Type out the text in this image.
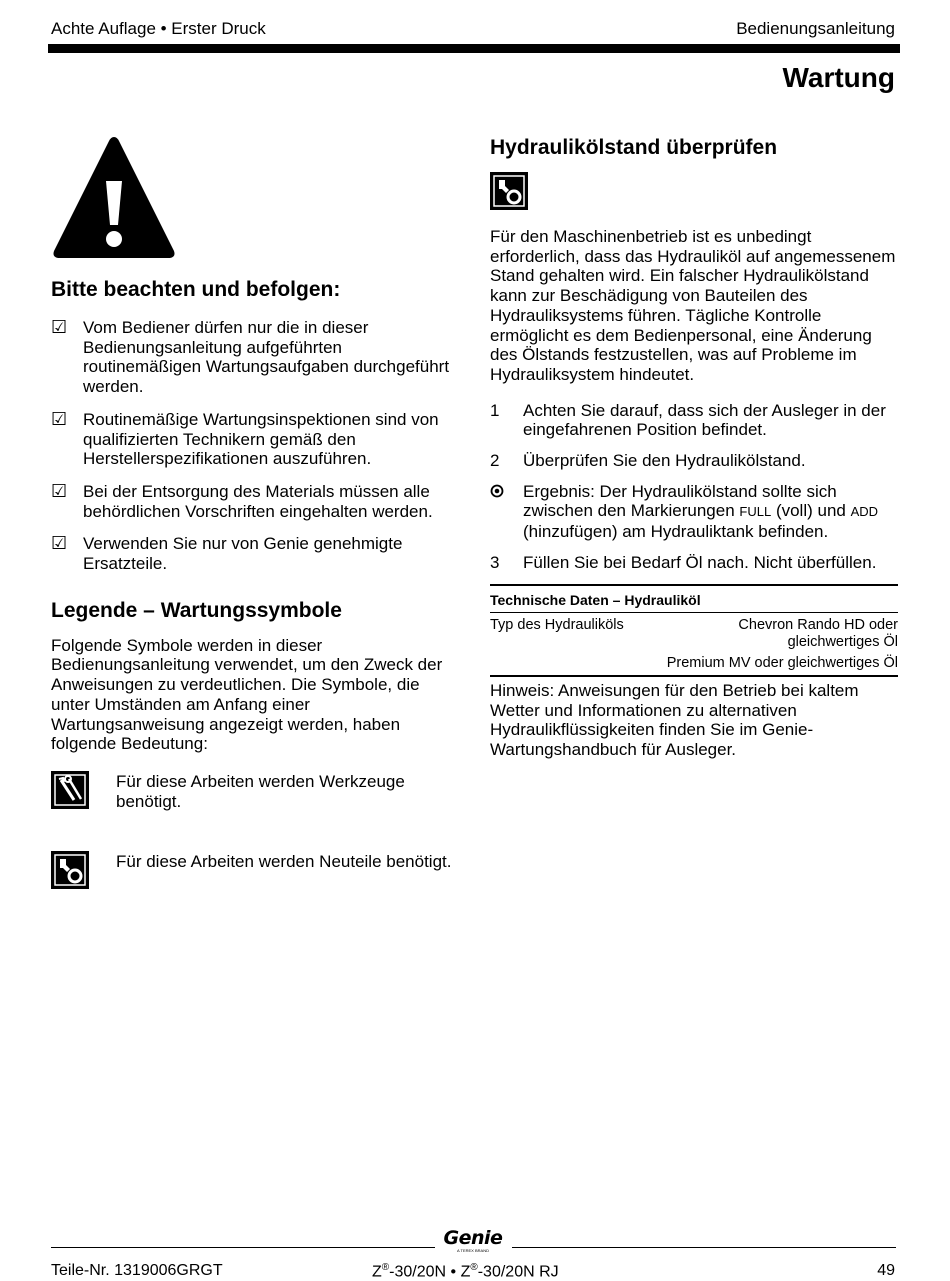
Achte Auflage • Erster Druck	Bedienungsanleitung
Wartung
Bitte beachten und befolgen:
☑ Vom Bediener dürfen nur die in dieser Bedienungsanleitung aufgeführten routinemäßigen Wartungsaufgaben durchgeführt werden.
☑ Routinemäßige Wartungsinspektionen sind von qualifizierten Technikern gemäß den Herstellerspezifikationen auszuführen.
☑ Bei der Entsorgung des Materials müssen alle behördlichen Vorschriften eingehalten werden.
☑ Verwenden Sie nur von Genie genehmigte Ersatzteile.
Legende – Wartungssymbole

Folgende Symbole werden in dieser Bedienungsanleitung verwendet, um den Zweck der Anweisungen zu verdeutlichen. Die Symbole, die unter Umständen am Anfang einer Wartungsanweisung angezeigt werden, haben folgende Bedeutung:

Für diese Arbeiten werden Werkzeuge benötigt.
Für diese Arbeiten werden Neuteile benötigt.
Hydraulikölstand überprüfen

Für den Maschinenbetrieb ist es unbedingt erforderlich, dass das Hydrauliköl auf angemessenem Stand gehalten wird. Ein falscher Hydraulikölstand kann zur Beschädigung von Bauteilen des Hydrauliksystems führen. Tägliche Kontrolle ermöglicht es dem Bedienpersonal, eine Änderung des Ölstands festzustellen, was auf Probleme im Hydrauliksystem hindeutet.

1	Achten Sie darauf, dass sich der Ausleger in der eingefahrenen Position befindet.
2	Überprüfen Sie den Hydraulikölstand.
Ergebnis: Der Hydraulikölstand sollte sich zwischen den Markierungen FULL (voll) und ADD (hinzufügen) am Hydrauliktank befinden.
3	Füllen Sie bei Bedarf Öl nach. Nicht überfüllen.
Technische Daten – Hydrauliköl
Typ des Hydrauliköls	Chevron Rando HD oder
gleichwertiges Öl
Premium MV oder gleichwertiges Öl

Hinweis: Anweisungen für den Betrieb bei kaltem Wetter und Informationen zu alternativen Hydraulikflüssigkeiten finden Sie im Genie-Wartungshandbuch für Ausleger.

Genie
A TEREX BRAND
Teile-Nr. 1319006GRGT	Z®-30/20N • Z®-30/20N RJ	49
